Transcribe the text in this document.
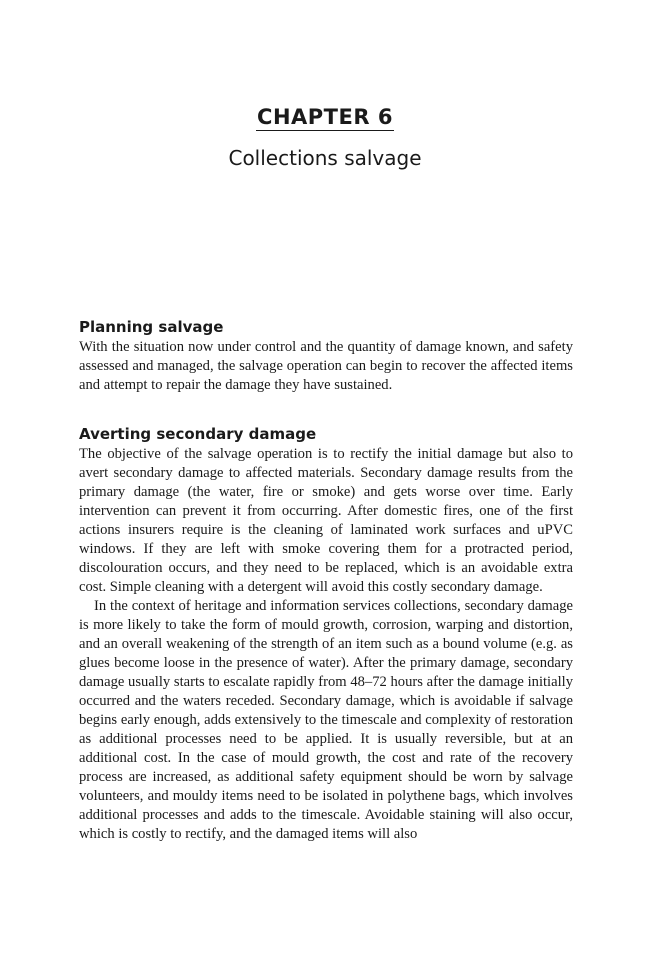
CHAPTER 6
Collections salvage
Planning salvage

With the situation now under control and the quantity of damage known, and safety assessed and managed, the salvage operation can begin to recover the affected items and attempt to repair the damage they have sustained.

Averting secondary damage

The objective of the salvage operation is to rectify the initial damage but also to avert secondary damage to affected materials. Secondary damage results from the primary damage (the water, fire or smoke) and gets worse over time. Early intervention can prevent it from occurring. After domestic fires, one of the first actions insurers require is the cleaning of laminated work surfaces and uPVC windows. If they are left with smoke covering them for a protracted period, discolouration occurs, and they need to be replaced, which is an avoidable extra cost. Simple cleaning with a detergent will avoid this costly secondary damage.

In the context of heritage and information services collections, secondary damage is more likely to take the form of mould growth, corrosion, warping and distortion, and an overall weakening of the strength of an item such as a bound volume (e.g. as glues become loose in the presence of water). After the primary damage, secondary damage usually starts to escalate rapidly from 48–72 hours after the damage initially occurred and the waters receded. Secondary damage, which is avoidable if salvage begins early enough, adds extensively to the timescale and complexity of restoration as additional processes need to be applied. It is usually reversible, but at an additional cost. In the case of mould growth, the cost and rate of the recovery process are increased, as additional safety equipment should be worn by salvage volunteers, and mouldy items need to be isolated in polythene bags, which involves additional processes and adds to the timescale. Avoidable staining will also occur, which is costly to rectify, and the damaged items will also
